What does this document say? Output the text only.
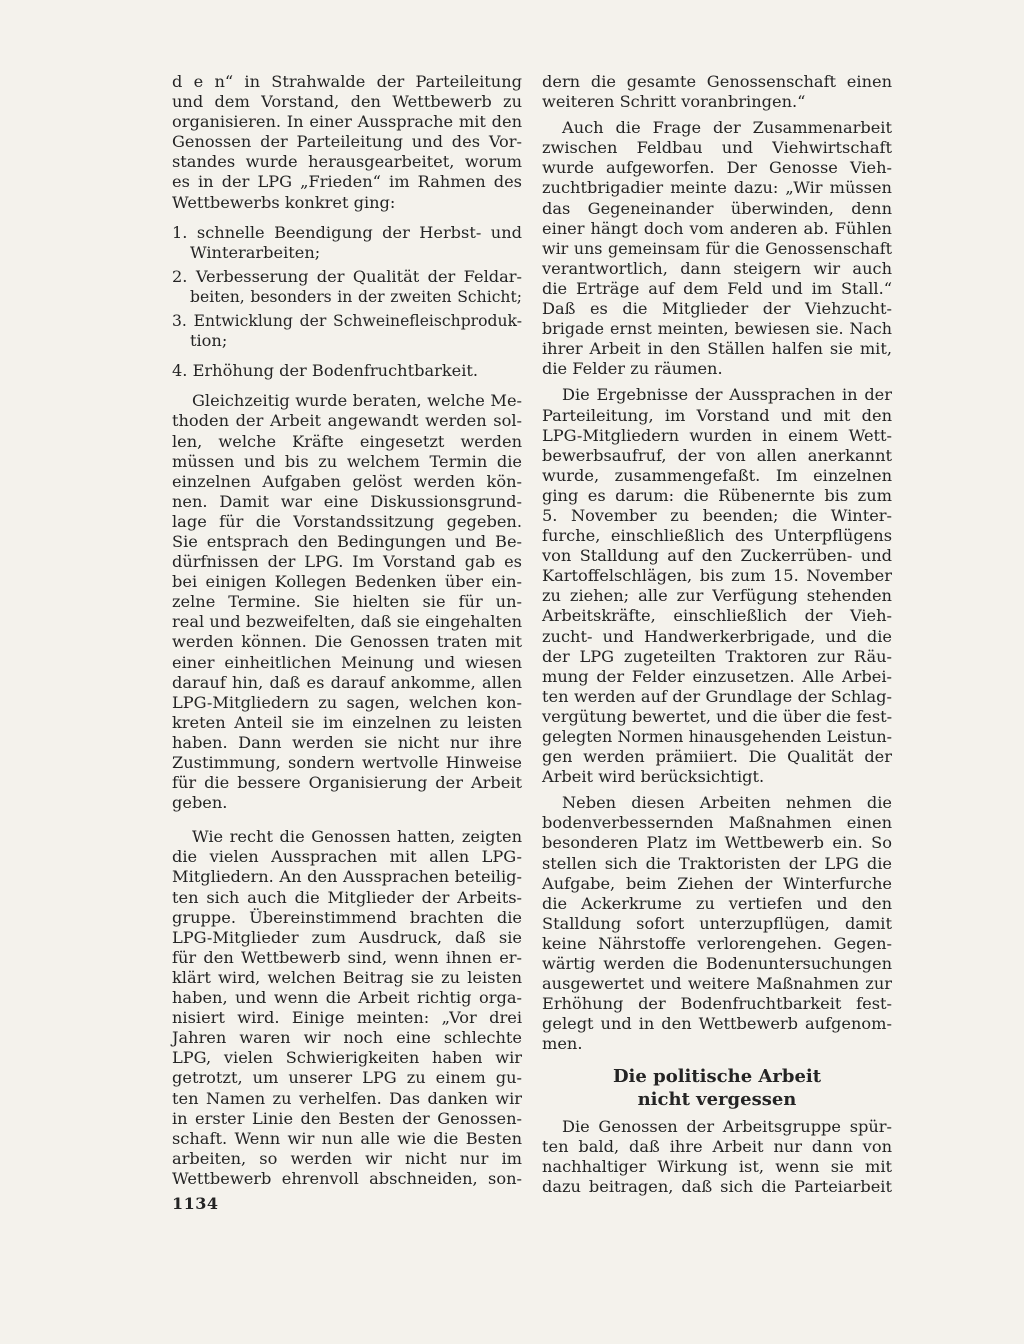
d e n“ in Strahwalde der Parteileitung
und dem Vorstand, den Wettbewerb zu
organisieren. In einer Aussprache mit den
Genossen der Parteileitung und des Vor-
standes wurde herausgearbeitet, worum
es in der LPG „Frieden“ im Rahmen des
Wettbewerbs konkret ging:
1. schnelle Beendigung der Herbst- und
Winterarbeiten;
2. Verbesserung der Qualität der Feldar-
beiten, besonders in der zweiten Schicht;
3. Entwicklung der Schweinefleischproduk-
tion;
4. Erhöhung der Bodenfruchtbarkeit.
Gleichzeitig wurde beraten, welche Me-
thoden der Arbeit angewandt werden sol-
len, welche Kräfte eingesetzt werden
müssen und bis zu welchem Termin die
einzelnen Aufgaben gelöst werden kön-
nen. Damit war eine Diskussionsgrund-
lage für die Vorstandssitzung gegeben.
Sie entsprach den Bedingungen und Be-
dürfnissen der LPG. Im Vorstand gab es
bei einigen Kollegen Bedenken über ein-
zelne Termine. Sie hielten sie für un-
real und bezweifelten, daß sie eingehalten
werden können. Die Genossen traten mit
einer einheitlichen Meinung und wiesen
darauf hin, daß es darauf ankomme, allen
LPG-Mitgliedern zu sagen, welchen kon-
kreten Anteil sie im einzelnen zu leisten
haben. Dann werden sie nicht nur ihre
Zustimmung, sondern wertvolle Hinweise
für die bessere Organisierung der Arbeit
geben.
Wie recht die Genossen hatten, zeigten
die vielen Aussprachen mit allen LPG-
Mitgliedern. An den Aussprachen beteilig-
ten sich auch die Mitglieder der Arbeits-
gruppe. Übereinstimmend brachten die
LPG-Mitglieder zum Ausdruck, daß sie
für den Wettbewerb sind, wenn ihnen er-
klärt wird, welchen Beitrag sie zu leisten
haben, und wenn die Arbeit richtig orga-
nisiert wird. Einige meinten: „Vor drei
Jahren waren wir noch eine schlechte
LPG, vielen Schwierigkeiten haben wir
getrotzt, um unserer LPG zu einem gu-
ten Namen zu verhelfen. Das danken wir
in erster Linie den Besten der Genossen-
schaft. Wenn wir nun alle wie die Besten
arbeiten, so werden wir nicht nur im
Wettbewerb ehrenvoll abschneiden, son-
dern die gesamte Genossenschaft einen
weiteren Schritt voranbringen.“
Auch die Frage der Zusammenarbeit
zwischen Feldbau und Viehwirtschaft
wurde aufgeworfen. Der Genosse Vieh-
zuchtbrigadier meinte dazu: „Wir müssen
das Gegeneinander überwinden, denn
einer hängt doch vom anderen ab. Fühlen
wir uns gemeinsam für die Genossenschaft
verantwortlich, dann steigern wir auch
die Erträge auf dem Feld und im Stall.“
Daß es die Mitglieder der Viehzucht-
brigade ernst meinten, bewiesen sie. Nach
ihrer Arbeit in den Ställen halfen sie mit,
die Felder zu räumen.
Die Ergebnisse der Aussprachen in der
Parteileitung, im Vorstand und mit den
LPG-Mitgliedern wurden in einem Wett-
bewerbsaufruf, der von allen anerkannt
wurde, zusammengefaßt. Im einzelnen
ging es darum: die Rübenernte bis zum
5. November zu beenden; die Winter-
furche, einschließlich des Unterpflügens
von Stalldung auf den Zuckerrüben- und
Kartoffelschlägen, bis zum 15. November
zu ziehen; alle zur Verfügung stehenden
Arbeitskräfte, einschließlich der Vieh-
zucht- und Handwerkerbrigade, und die
der LPG zugeteilten Traktoren zur Räu-
mung der Felder einzusetzen. Alle Arbei-
ten werden auf der Grundlage der Schlag-
vergütung bewertet, und die über die fest-
gelegten Normen hinausgehenden Leistun-
gen werden prämiiert. Die Qualität der
Arbeit wird berücksichtigt.
Neben diesen Arbeiten nehmen die
bodenverbessernden Maßnahmen einen
besonderen Platz im Wettbewerb ein. So
stellen sich die Traktoristen der LPG die
Aufgabe, beim Ziehen der Winterfurche
die Ackerkrume zu vertiefen und den
Stalldung sofort unterzupflügen, damit
keine Nährstoffe verlorengehen. Gegen-
wärtig werden die Bodenuntersuchungen
ausgewertet und weitere Maßnahmen zur
Erhöhung der Bodenfruchtbarkeit fest-
gelegt und in den Wettbewerb aufgenom-
men.
Die politische Arbeit
nicht vergessen
Die Genossen der Arbeitsgruppe spür-
ten bald, daß ihre Arbeit nur dann von
nachhaltiger Wirkung ist, wenn sie mit
dazu beitragen, daß sich die Parteiarbeit
1134
